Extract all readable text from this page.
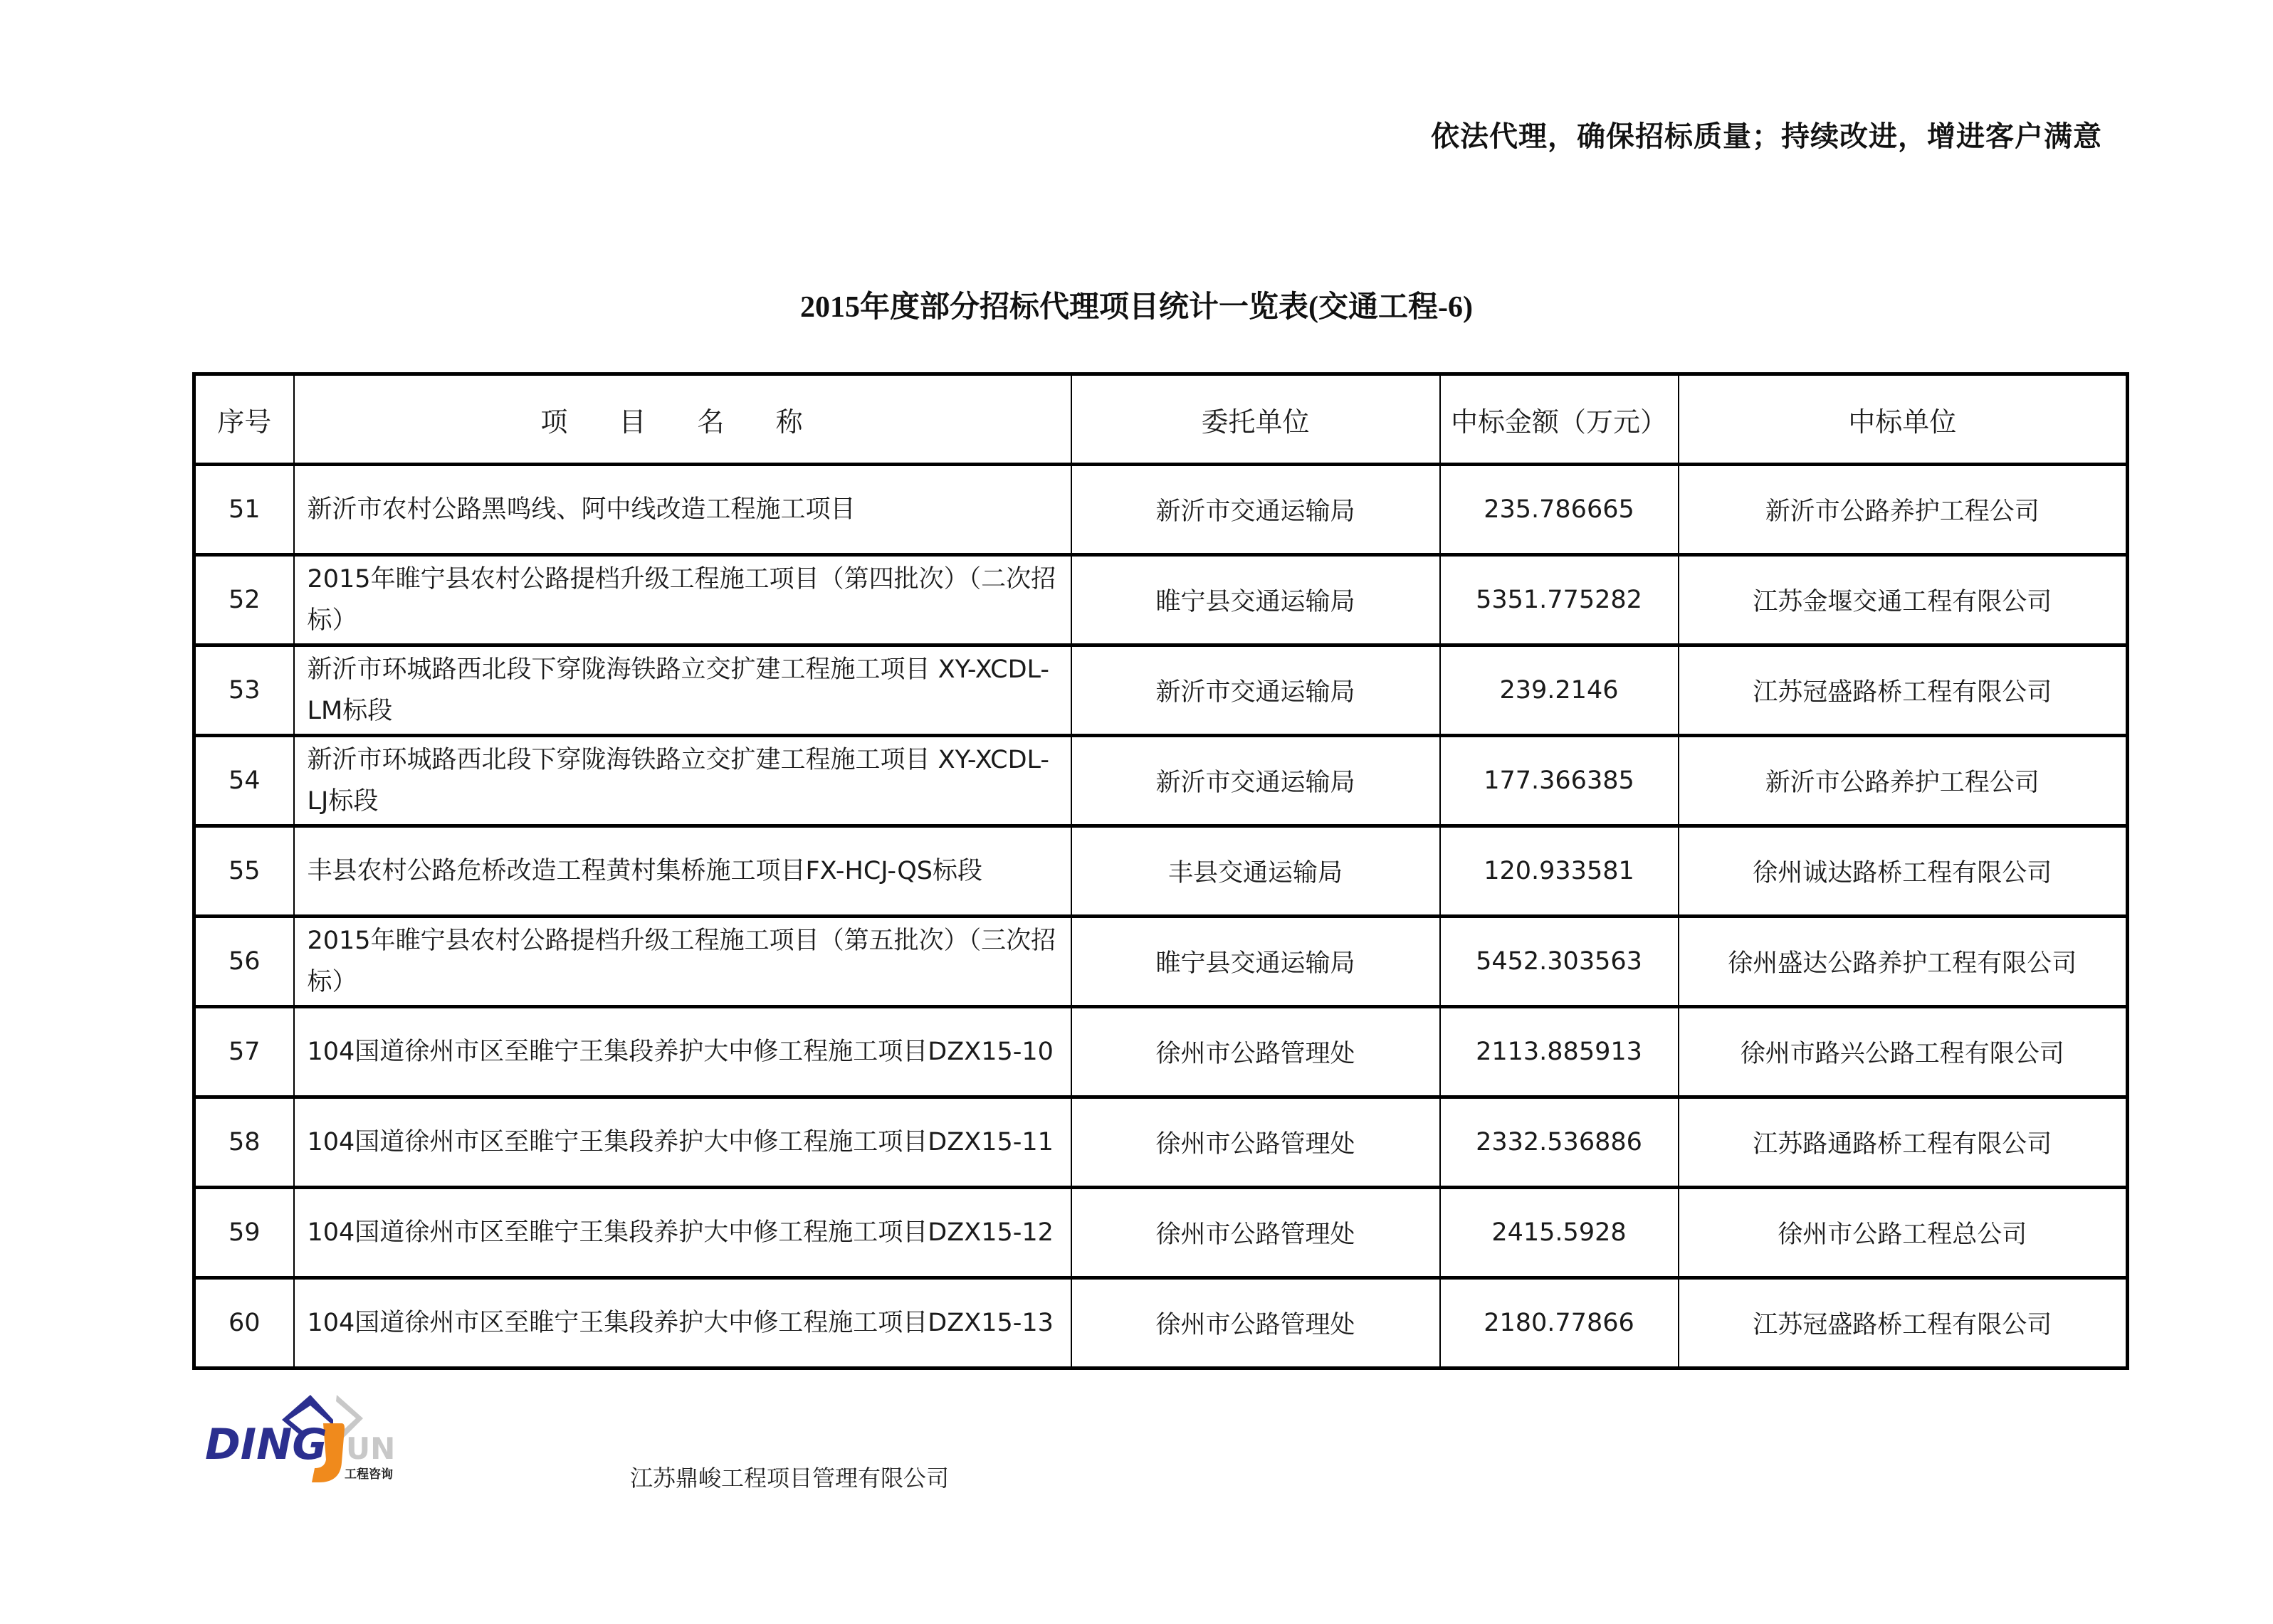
依法代理，确保招标质量；持续改进，增进客户满意
2015年度部分招标代理项目统计一览表(交通工程-6)
序号	项 目 名 称	委托单位	中标金额（万元）	中标单位
51	新沂市农村公路黑鸣线、阿中线改造工程施工项目	新沂市交通运输局	235.786665	新沂市公路养护工程公司
52	2015年睢宁县农村公路提档升级工程施工项目（第四批次）（二次招标）	睢宁县交通运输局	5351.775282	江苏金堰交通工程有限公司
53	新沂市环城路西北段下穿陇海铁路立交扩建工程施工项目 XY-XCDL-LM标段	新沂市交通运输局	239.2146	江苏冠盛路桥工程有限公司
54	新沂市环城路西北段下穿陇海铁路立交扩建工程施工项目 XY-XCDL-LJ标段	新沂市交通运输局	177.366385	新沂市公路养护工程公司
55	丰县农村公路危桥改造工程黄村集桥施工项目FX-HCJ-QS标段	丰县交通运输局	120.933581	徐州诚达路桥工程有限公司
56	2015年睢宁县农村公路提档升级工程施工项目（第五批次）（三次招标）	睢宁县交通运输局	5452.303563	徐州盛达公路养护工程有限公司
57	104国道徐州市区至睢宁王集段养护大中修工程施工项目DZX15-10	徐州市公路管理处	2113.885913	徐州市路兴公路工程有限公司
58	104国道徐州市区至睢宁王集段养护大中修工程施工项目DZX15-11	徐州市公路管理处	2332.536886	江苏路通路桥工程有限公司
59	104国道徐州市区至睢宁王集段养护大中修工程施工项目DZX15-12	徐州市公路管理处	2415.5928	徐州市公路工程总公司
60	104国道徐州市区至睢宁王集段养护大中修工程施工项目DZX15-13	徐州市公路管理处	2180.77866	江苏冠盛路桥工程有限公司
DING UN
工程咨询	江苏鼎峻工程项目管理有限公司
